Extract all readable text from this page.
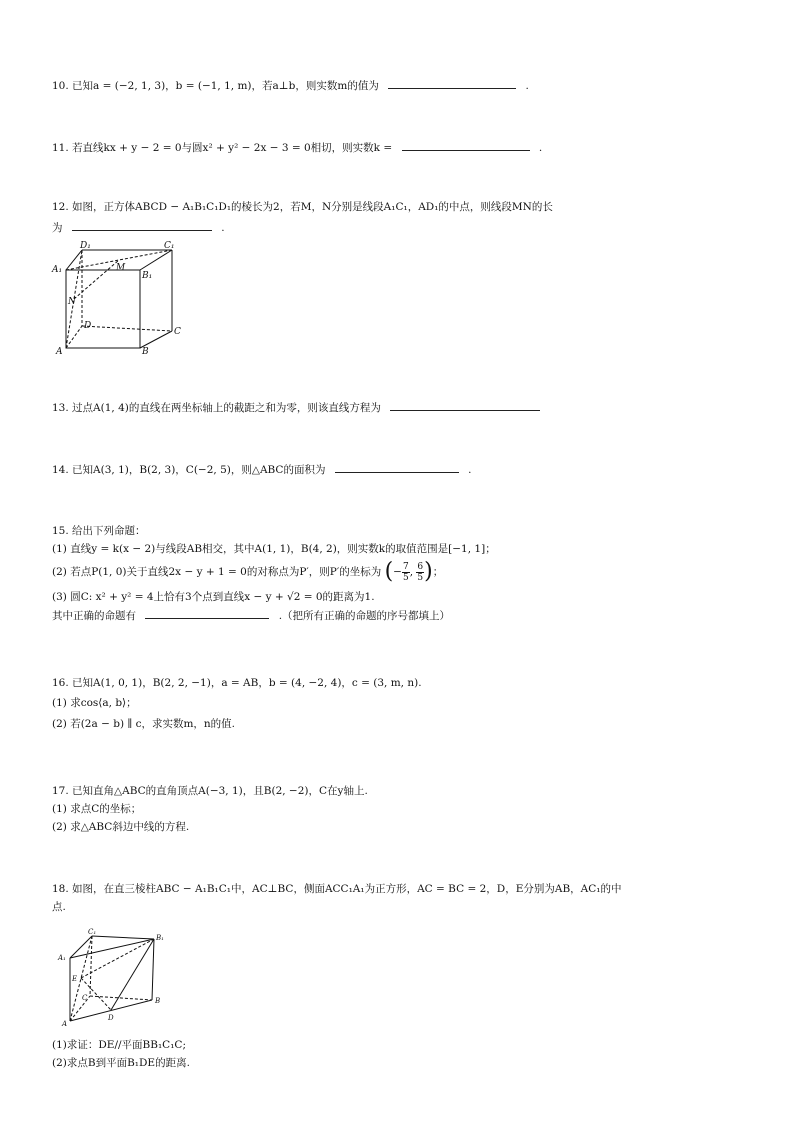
10. 已知a = (−2, 1, 3)，b = (−1, 1, m)，若a⊥b，则实数m的值为	.
11. 若直线kx + y − 2 = 0与圆x² + y² − 2x − 3 = 0相切，则实数k =	.
12. 如图，正方体ABCD − A₁B₁C₁D₁的棱长为2，若M，N分别是线段A₁C₁，AD₁的中点，则线段MN的长
为	.
D₁	C₁
A₁	M
B₁
N
D
C
A	B
13. 过点A(1, 4)的直线在两坐标轴上的截距之和为零，则该直线方程为
14. 已知A(3, 1)，B(2, 3)，C(−2, 5)，则△ABC的面积为	.
15. 给出下列命题：
(1) 直线y = k(x − 2)与线段AB相交，其中A(1, 1)，B(4, 2)，则实数k的取值范围是[−1, 1]；
(2) 若点P(1, 0)关于直线2x − y + 1 = 0的对称点为P′，则P′的坐标为 (− $\frac{7}{5}$ , $\frac{6}{5}$ )；
(3) 圆C: x² + y² = 4上恰有3个点到直线x − y + √2 = 0的距离为1.
其中正确的命题有	.（把所有正确的命题的序号都填上）
16. 已知A(1, 0, 1)，B(2, 2, −1)，a = AB，b = (4, −2, 4)，c = (3, m, n).
(1) 求cos⟨a, b⟩；
(2) 若(2a − b) ∥ c，求实数m，n的值.
17. 已知直角△ABC的直角顶点A(−3, 1)，且B(2, −2)，C在y轴上.
(1) 求点C的坐标；
(2) 求△ABC斜边中线的方程.
18. 如图，在直三棱柱ABC − A₁B₁C₁中，AC⊥BC，侧面ACC₁A₁为正方形，AC = BC = 2，D，E分别为AB，AC₁的中
点.
C₁
B₁
A₁
E
C	B
D
A
(1)求证：DE//平面BB₁C₁C;
(2)求点B到平面B₁DE的距离.
